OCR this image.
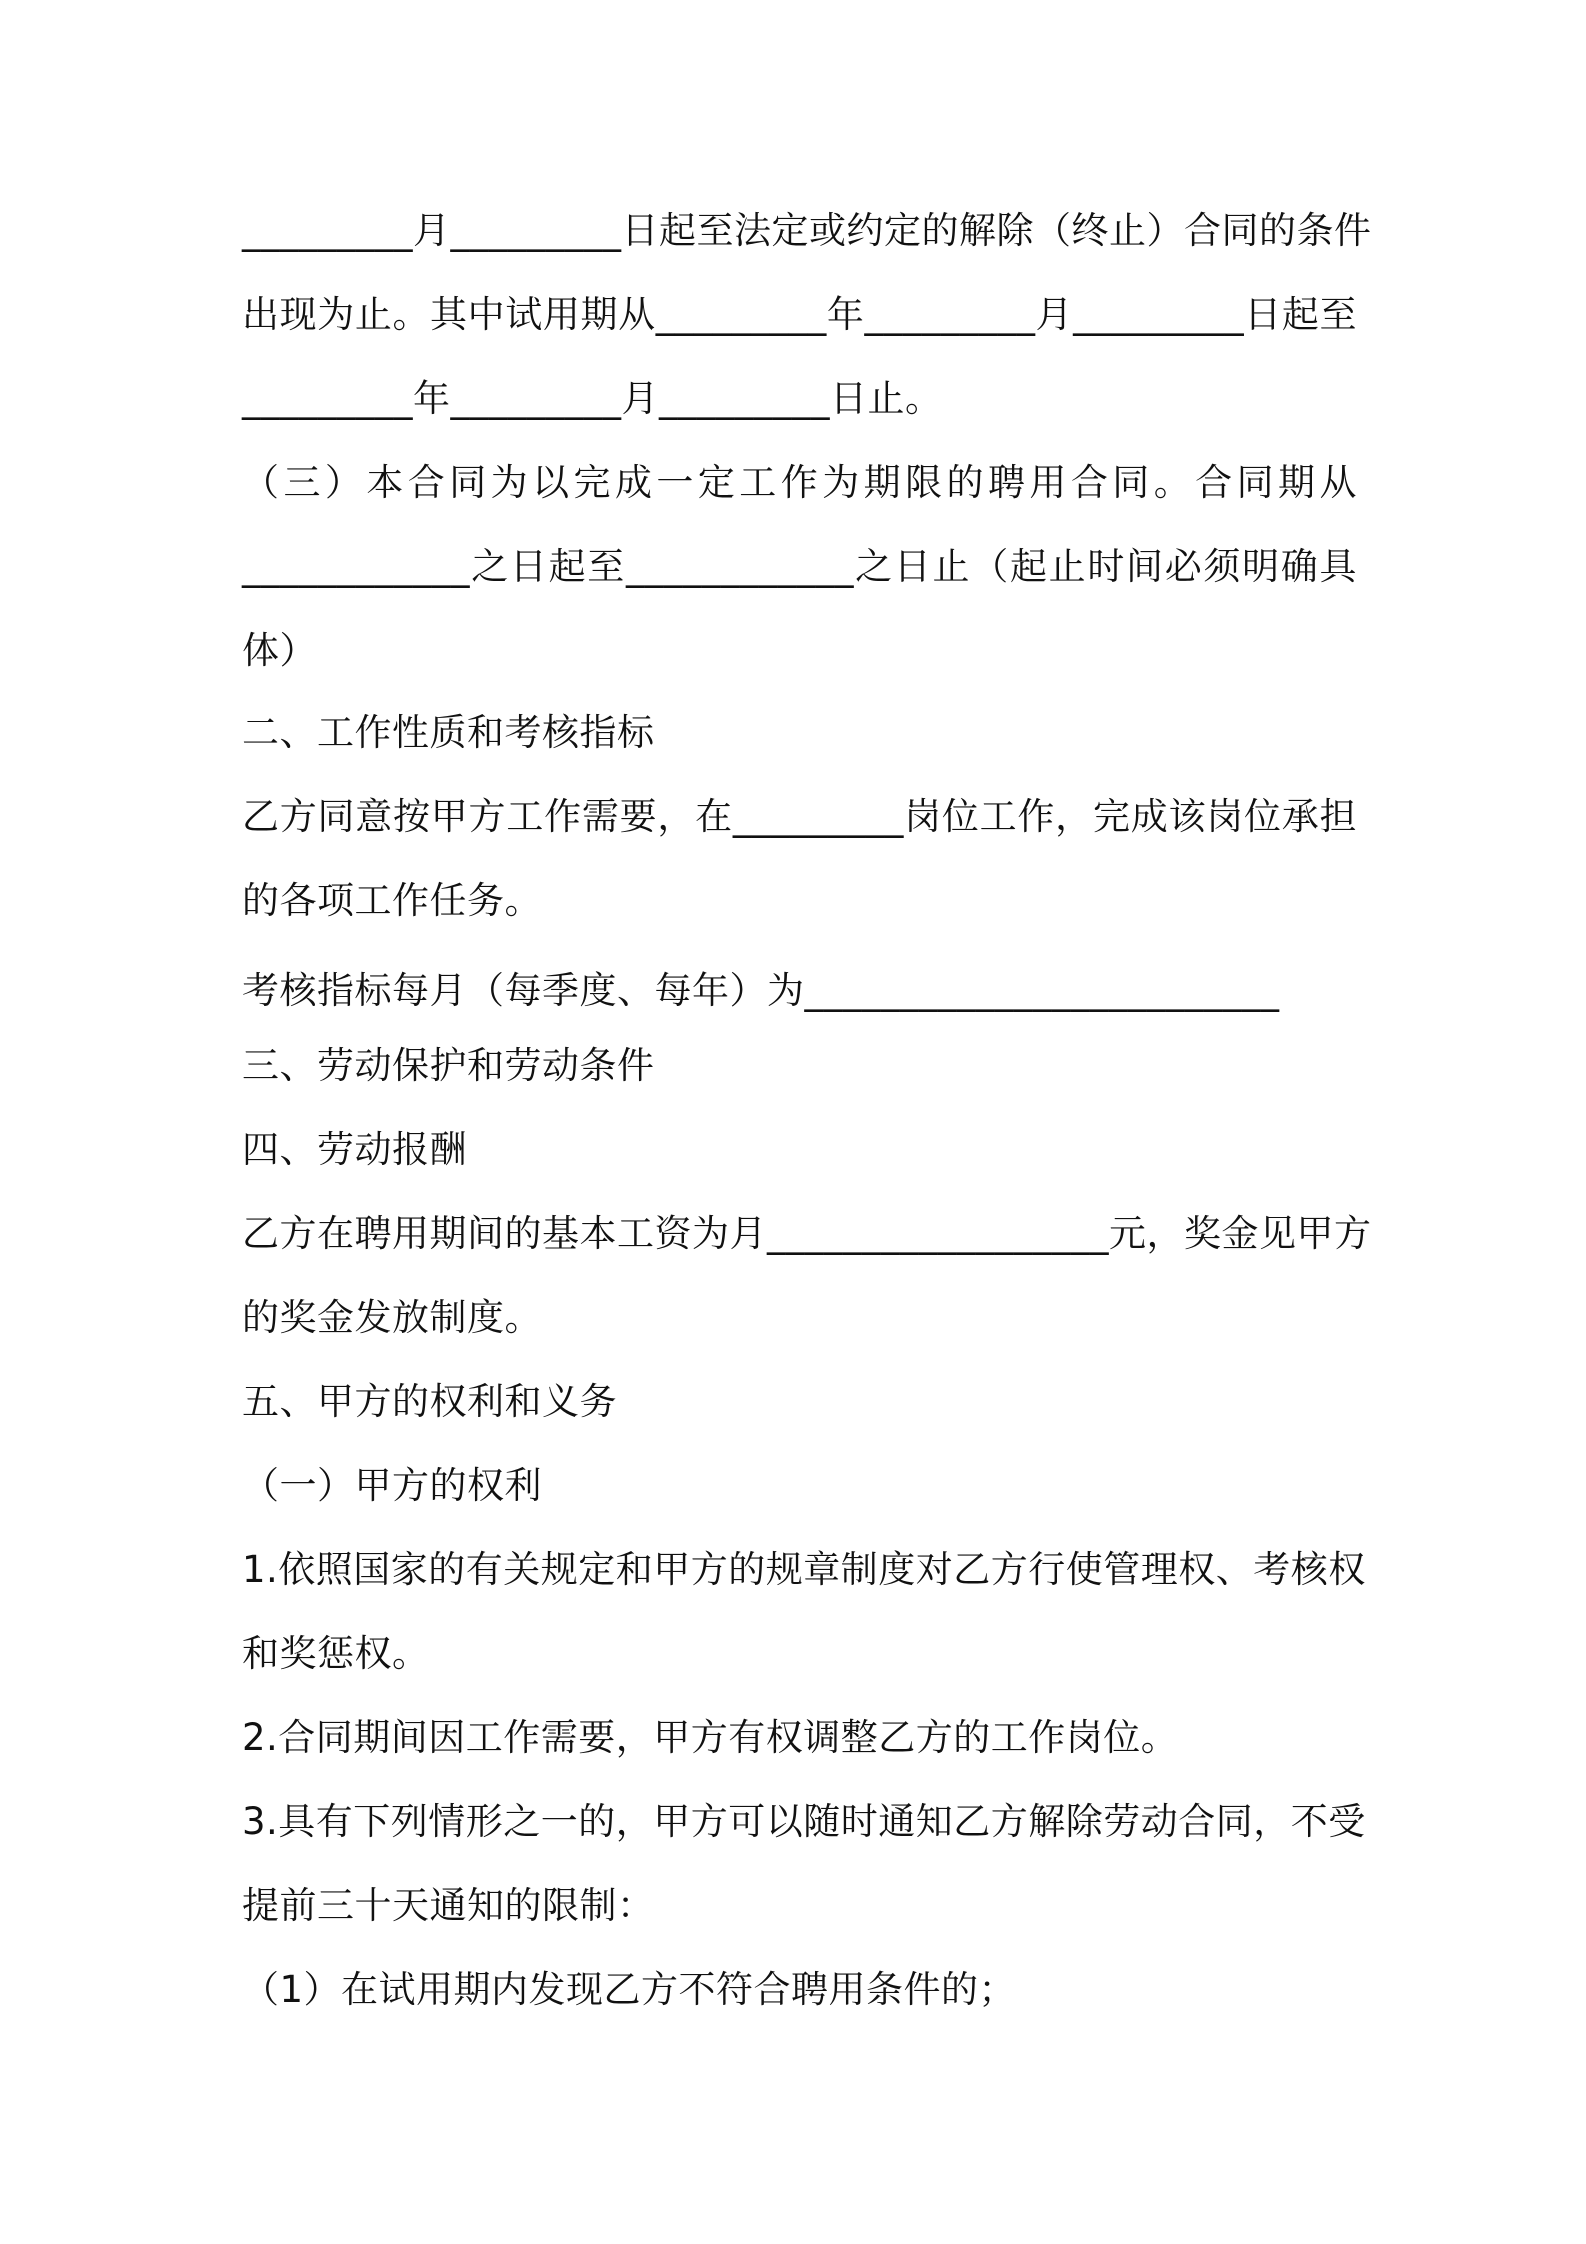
_________月_________日起至法定或约定的解除（终止）合同的条件
出现为止。其中试用期从_________年_________月_________日起至
_________年_________月_________日止。
（三）本合同为以完成一定工作为期限的聘用合同。合同期从
____________之日起至____________之日止（起止时间必须明确具
体）
二、工作性质和考核指标
乙方同意按甲方工作需要，在_________岗位工作，完成该岗位承担
的各项工作任务。
考核指标每月（每季度、每年）为_________________________
三、劳动保护和劳动条件
四、劳动报酬
乙方在聘用期间的基本工资为月__________________元，奖金见甲方
的奖金发放制度。
五、甲方的权利和义务
（一）甲方的权利
1.依照国家的有关规定和甲方的规章制度对乙方行使管理权、考核权
和奖惩权。
2.合同期间因工作需要，甲方有权调整乙方的工作岗位。
3.具有下列情形之一的，甲方可以随时通知乙方解除劳动合同，不受
提前三十天通知的限制：
（1）在试用期内发现乙方不符合聘用条件的；
